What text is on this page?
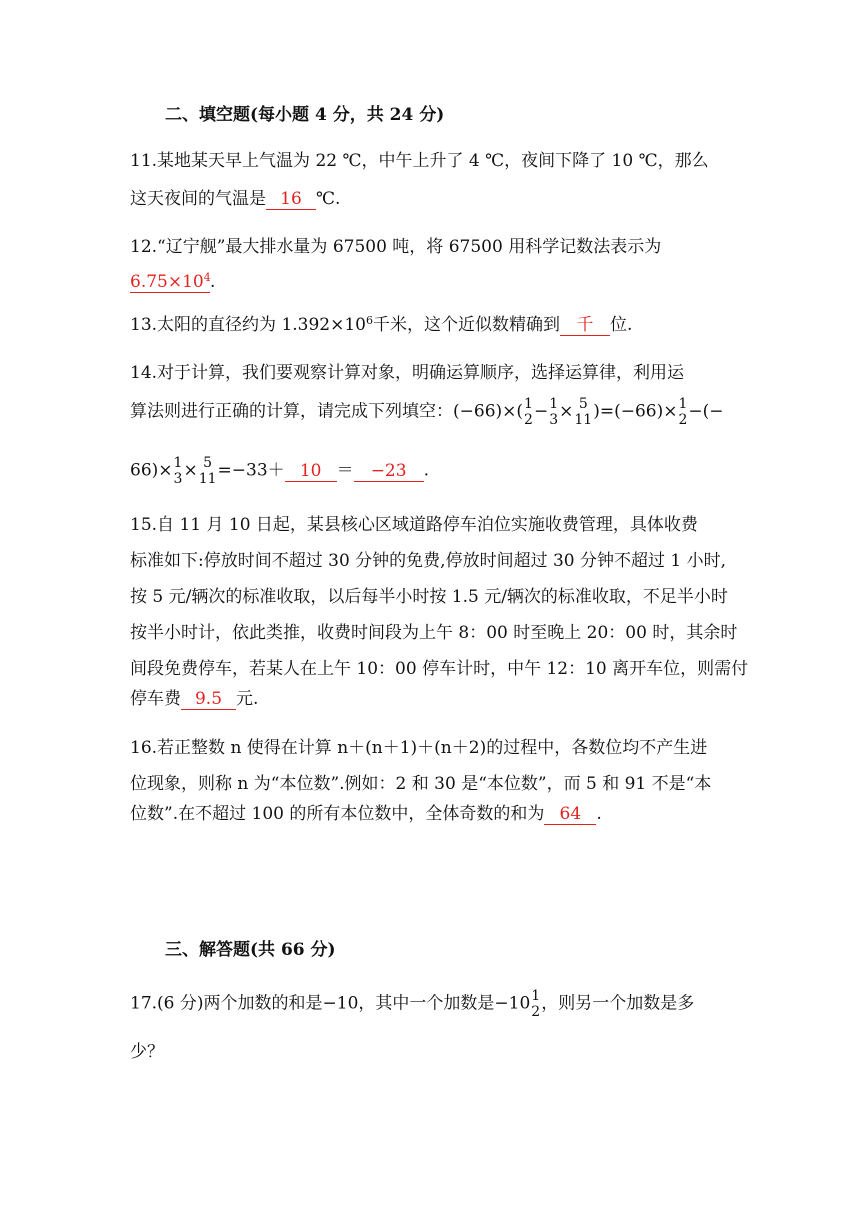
二、填空题(每小题 4 分，共 24 分)
11.某地某天早上气温为 22 ℃，中午上升了 4 ℃，夜间下降了 10 ℃，那么
这天夜间的气温是 16 ℃.
12.“辽宁舰”最大排水量为 67500 吨，将 67500 用科学记数法表示为
$6.75\times 10^4$.
13.太阳的直径约为 $1.392\times 10^6$千米，这个近似数精确到 千 位.
14.对于计算，我们要观察计算对象，明确运算顺序，选择运算律，利用运
算法则进行正确的计算，请完成下列填空：(−66)×( 1
2 − 1
3 × 5
11 )=(−66)× 1
2 −(−
66)× 1
3 × 5
11 =−33＋ 10 ＝ −23 .
15.自 11 月 10 日起，某县核心区域道路停车泊位实施收费管理，具体收费
标准如下:停放时间不超过 30 分钟的免费,停放时间超过 30 分钟不超过 1 小时,
按 5 元/辆次的标准收取，以后每半小时按 1.5 元/辆次的标准收取，不足半小时
按半小时计，依此类推，收费时间段为上午 8：00 时至晚上 20：00 时，其余时
间段免费停车，若某人在上午 10：00 停车计时，中午 12：10 离开车位，则需付
停车费 9.5 元.
16.若正整数 n 使得在计算 n＋(n＋1)＋(n＋2)的过程中，各数位均不产生进
位现象，则称 n 为“本位数”.例如：2 和 30 是“本位数”，而 5 和 91 不是“本
位数”.在不超过 100 的所有本位数中，全体奇数的和为 64 .
三、解答题(共 66 分)
17.(6 分)两个加数的和是−10，其中一个加数是−10 1
2 ，则另一个加数是多
少？
